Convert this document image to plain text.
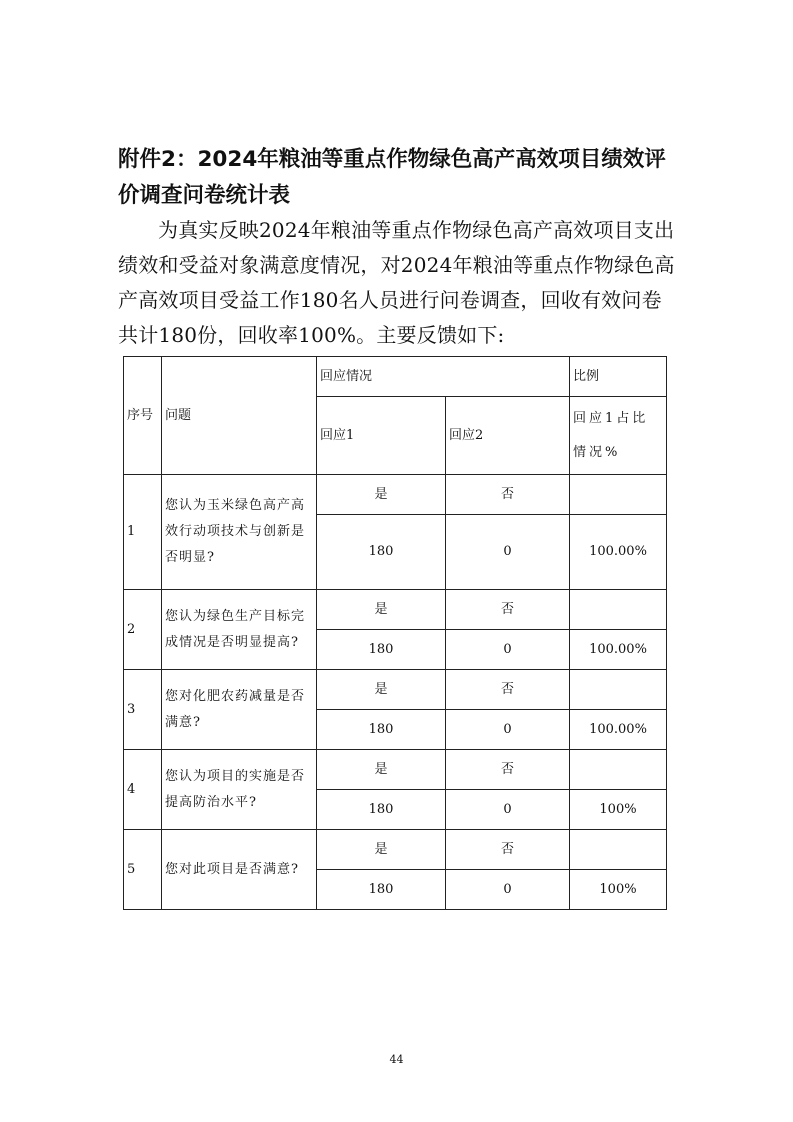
附件2：2024年粮油等重点作物绿色高产高效项目绩效评价调查问卷统计表

为真实反映2024年粮油等重点作物绿色高产高效项目支出绩效和受益对象满意度情况，对2024年粮油等重点作物绿色高产高效项目受益工作180名人员进行问卷调查，回收有效问卷共计180份，回收率100%。主要反馈如下:

序号	问题	回应情况		比例
		回应1	回应2	回应1占比情况%
1	您认为玉米绿色高产高效行动项技术与创新是否明显?	是	否	
		180	0	100.00%
2	您认为绿色生产目标完成情况是否明显提高?	是	否	
		180	0	100.00%
3	您对化肥农药减量是否满意?	是	否	
		180	0	100.00%
4	您认为项目的实施是否提高防治水平?	是	否	
		180	0	100%
5	您对此项目是否满意?	是	否	
		180	0	100%
44
